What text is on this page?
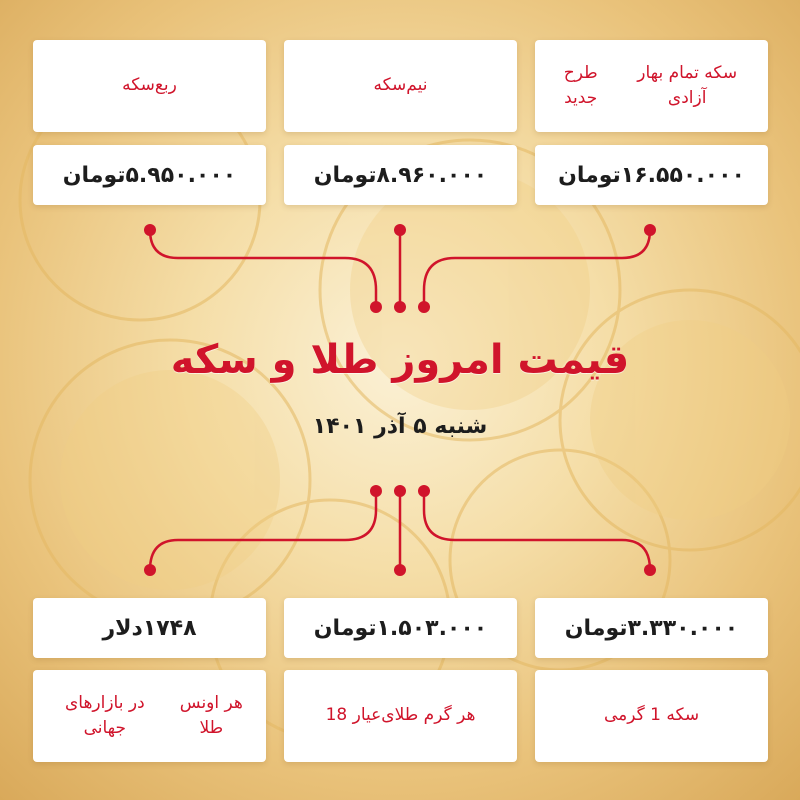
سکه تمام بهار آزادی
طرح جدید
نیم‌سکه
ربع‌سکه
۱۶.۵۵۰.۰۰۰تومان
۸.۹۶۰.۰۰۰تومان
۵.۹۵۰.۰۰۰تومان
قیمت امروز طلا و سکه
شنبه ۵ آذر ۱۴۰۱
۳.۳۳۰.۰۰۰تومان
۱.۵۰۳.۰۰۰تومان
۱۷۴۸دلار
سکه 1 گرمی
هر گرم طلای
عیار 18
هر اونس طلا
در بازارهای جهانی
